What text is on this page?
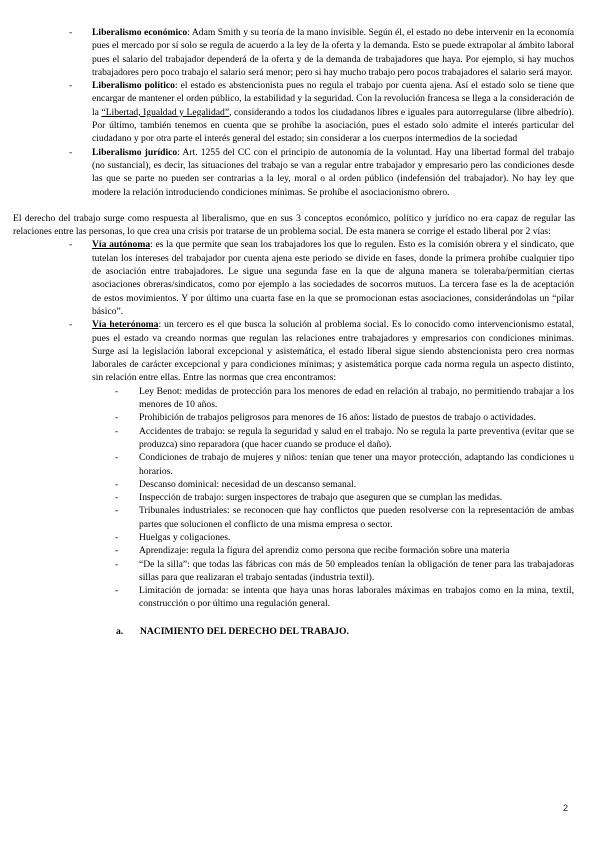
- Liberalismo económico: Adam Smith y su teoría de la mano invisible. Según él, el estado no debe intervenir en la economía pues el mercado por sí solo se regula de acuerdo a la ley de la oferta y la demanda. Esto se puede extrapolar al ámbito laboral pues el salario del trabajador dependerá de la oferta y de la demanda de trabajadores que haya. Por ejemplo, si hay muchos trabajadores pero poco trabajo el salario será menor; pero si hay mucho trabajo pero pocos trabajadores el salario será mayor.

- Liberalismo político: el estado es abstencionista pues no regula el trabajo por cuenta ajena. Así el estado solo se tiene que encargar de mantener el orden público, la estabilidad y la seguridad. Con la revolución francesa se llega a la consideración de la “Libertad, Igualdad y Legalidad”, considerando a todos los ciudadanos libres e iguales para autorregularse (libre albedrío). Por último, también tenemos en cuenta que se prohíbe la asociación, pues el estado solo admite el interés particular del ciudadano y por otra parte el interés general del estado; sin considerar a los cuerpos intermedios de la sociedad

- Liberalismo jurídico: Art. 1255 del CC con el principio de autonomía de la voluntad. Hay una libertad formal del trabajo (no sustancial), es decir, las situaciones del trabajo se van a regular entre trabajador y empresario pero las condiciones desde las que se parte no pueden ser contrarias a la ley, moral o al orden público (indefensión del trabajador). No hay ley que modere la relación introduciendo condiciones mínimas. Se prohíbe el asociacionismo obrero.

El derecho del trabajo surge como respuesta al liberalismo, que en sus 3 conceptos económico, político y jurídico no era capaz de regular las relaciones entre las personas, lo que crea una crisis por tratarse de un problema social. De esta manera se corrige el estado liberal por 2 vías:

- Vía autónoma: es la que permite que sean los trabajadores los que lo regulen. Esto es la comisión obrera y el sindicato, que tutelan los intereses del trabajador por cuenta ajena este periodo se divide en fases, donde la primera prohíbe cualquier tipo de asociación entre trabajadores. Le sigue una segunda fase en la que de alguna manera se toleraba/permitían ciertas asociaciones obreras/sindicatos, como por ejemplo a las sociedades de socorros mutuos. La tercera fase es la de aceptación de estos movimientos. Y por último una cuarta fase en la que se promocionan estas asociaciones, considerándolas un “pilar básico”.

- Vía heterónoma: un tercero es el que busca la solución al problema social. Es lo conocido como intervencionismo estatal, pues el estado va creando normas que regulan las relaciones entre trabajadores y empresarios con condiciones mínimas. Surge así la legislación laboral excepcional y asistemática, el estado liberal sigue siendo abstencionista pero crea normas laborales de carácter excepcional y para condiciones mínimas; y asistemática porque cada norma regula un aspecto distinto, sin relación entre ellas. Entre las normas que crea encontramos:

- Ley Benot: medidas de protección para los menores de edad en relación al trabajo, no permitiendo trabajar a los menores de 10 años.

- Prohibición de trabajos peligrosos para menores de 16 años: listado de puestos de trabajo o actividades.

- Accidentes de trabajo: se regula la seguridad y salud en el trabajo. No se regula la parte preventiva (evitar que se produzca) sino reparadora (que hacer cuando se produce el daño).

- Condiciones de trabajo de mujeres y niños: tenían que tener una mayor protección, adaptando las condiciones u horarios.

- Descanso dominical: necesidad de un descanso semanal.

- Inspección de trabajo: surgen inspectores de trabajo que aseguren que se cumplan las medidas.

- Tribunales industriales: se reconocen que hay conflictos que pueden resolverse con la representación de ambas partes que solucionen el conflicto de una misma empresa o sector.

- Huelgas y coligaciones.

- Aprendizaje: regula la figura del aprendiz como persona que recibe formación sobre una materia

- “De la silla”: que todas las fábricas con más de 50 empleados tenían la obligación de tener para las trabajadoras sillas para que realizaran el trabajo sentadas (industria textil).

- Limitación de jornada: se intenta que haya unas horas laborales máximas en trabajos como en la mina, textil, construcción o por último una regulación general.

a. NACIMIENTO DEL DERECHO DEL TRABAJO.

2
